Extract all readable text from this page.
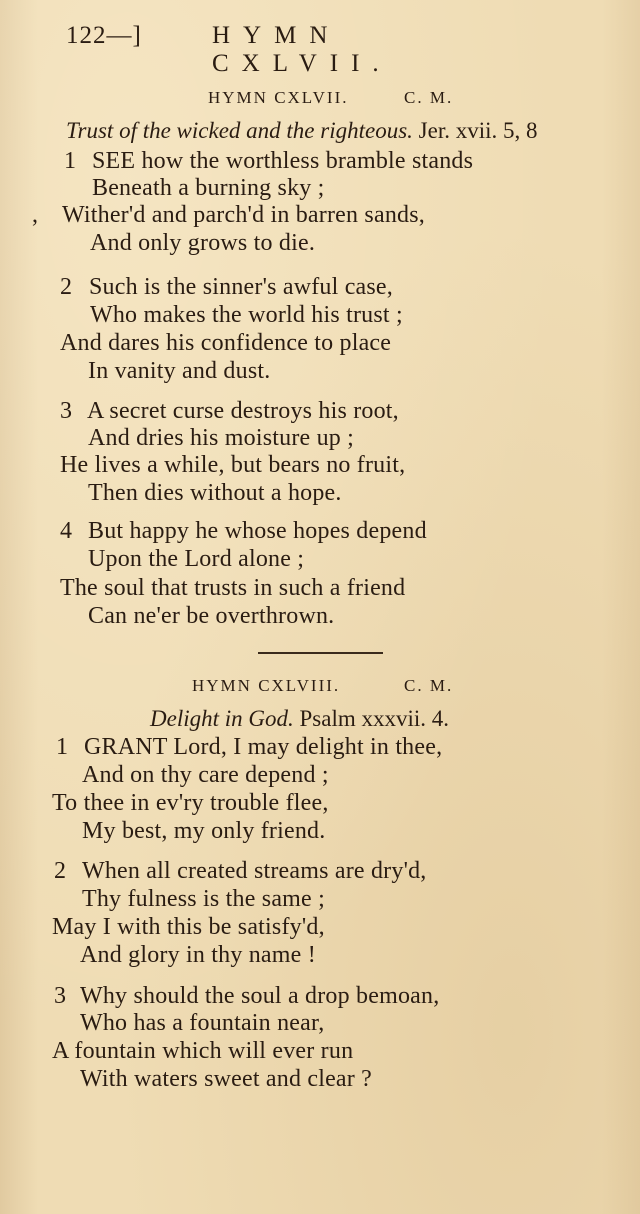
122—]	HYMN CXLVII.
HYMN CXLVII.	C. M.
Trust of the wicked and the righteous. Jer. xvii. 5, 8
1 SEE how the worthless bramble stands
Beneath a burning sky ;
, Wither'd and parch'd in barren sands,
And only grows to die.
2 Such is the sinner's awful case,
Who makes the world his trust ;
And dares his confidence to place
In vanity and dust.
3 A secret curse destroys his root,
And dries his moisture up ;
He lives a while, but bears no fruit,
Then dies without a hope.
4 But happy he whose hopes depend
Upon the Lord alone ;
The soul that trusts in such a friend
Can ne'er be overthrown.
HYMN CXLVIII.	C. M.
Delight in God. Psalm xxxvii. 4.
1 GRANT Lord, I may delight in thee,
And on thy care depend ;
To thee in ev'ry trouble flee,
My best, my only friend.
2 When all created streams are dry'd,
Thy fulness is the same ;
May I with this be satisfy'd,
And glory in thy name !
3 Why should the soul a drop bemoan,
Who has a fountain near,
A fountain which will ever run
With waters sweet and clear ?
